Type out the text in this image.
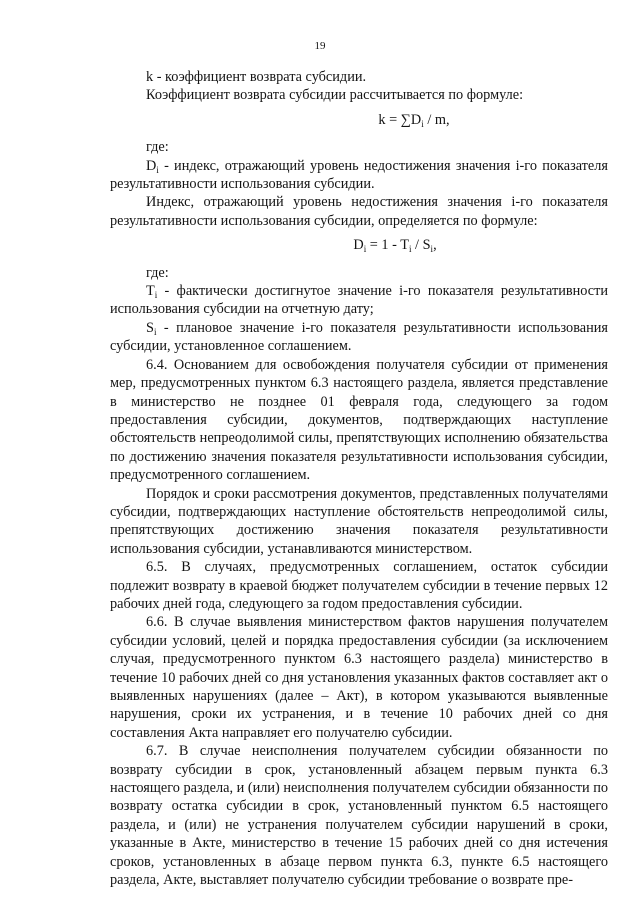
19

k - коэффициент возврата субсидии.

Коэффициент возврата субсидии рассчитывается по формуле:

$k = \sum D_i / m$,

где:

$D_i$ - индекс, отражающий уровень недостижения значения i-го показателя результативности использования субсидии.

Индекс, отражающий уровень недостижения значения i-го показателя результативности использования субсидии, определяется по формуле:

$D_i = 1 - T_i / S_i$,

где:

$T_i$ - фактически достигнутое значение i-го показателя результативности использования субсидии на отчетную дату;

$S_i$ - плановое значение i-го показателя результативности использования субсидии, установленное соглашением.

6.4. Основанием для освобождения получателя субсидии от применения мер, предусмотренных пунктом 6.3 настоящего раздела, является представление в министерство не позднее 01 февраля года, следующего за годом предоставления субсидии, документов, подтверждающих наступление обстоятельств непреодолимой силы, препятствующих исполнению обязательства по достижению значения показателя результативности использования субсидии, предусмотренного соглашением.

Порядок и сроки рассмотрения документов, представленных получателями субсидии, подтверждающих наступление обстоятельств непреодолимой силы, препятствующих достижению значения показателя результативности использования субсидии, устанавливаются министерством.

6.5. В случаях, предусмотренных соглашением, остаток субсидии подлежит возврату в краевой бюджет получателем субсидии в течение первых 12 рабочих дней года, следующего за годом предоставления субсидии.

6.6. В случае выявления министерством фактов нарушения получателем субсидии условий, целей и порядка предоставления субсидии (за исключением случая, предусмотренного пунктом 6.3 настоящего раздела) министерство в течение 10 рабочих дней со дня установления указанных фактов составляет акт о выявленных нарушениях (далее – Акт), в котором указываются выявленные нарушения, сроки их устранения, и в течение 10 рабочих дней со дня составления Акта направляет его получателю субсидии.

6.7. В случае неисполнения получателем субсидии обязанности по возврату субсидии в срок, установленный абзацем первым пункта 6.3 настоящего раздела, и (или) неисполнения получателем субсидии обязанности по возврату остатка субсидии в срок, установленный пунктом 6.5 настоящего раздела, и (или) не устранения получателем субсидии нарушений в сроки, указанные в Акте, министерство в течение 15 рабочих дней со дня истечения сроков, установленных в абзаце первом пункта 6.3, пункте 6.5 настоящего раздела, Акте, выставляет получателю субсидии требование о возврате пре-
